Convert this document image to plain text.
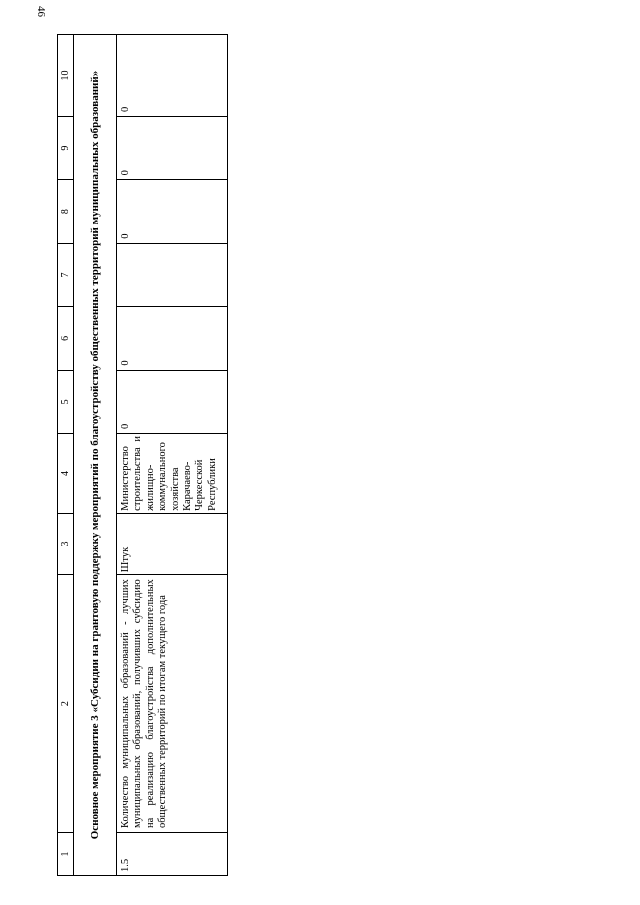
46
1	2	3	4	5	6	7	8	9	10
Основное мероприятие 3 «Субсидии на грантовую поддержку мероприятий по благоустройству общественных территорий муниципальных образований»									
1.5	Количество муниципальных образований - лучших муниципальных образований, получивших субсидию на реализацию благоустройства дополнительных общественных территорий по итогам текущего года	Штук	Министерство строительства и жилищно-коммунального хозяйства Карачаево-Черкесской Республики	0	0		0	0	0
